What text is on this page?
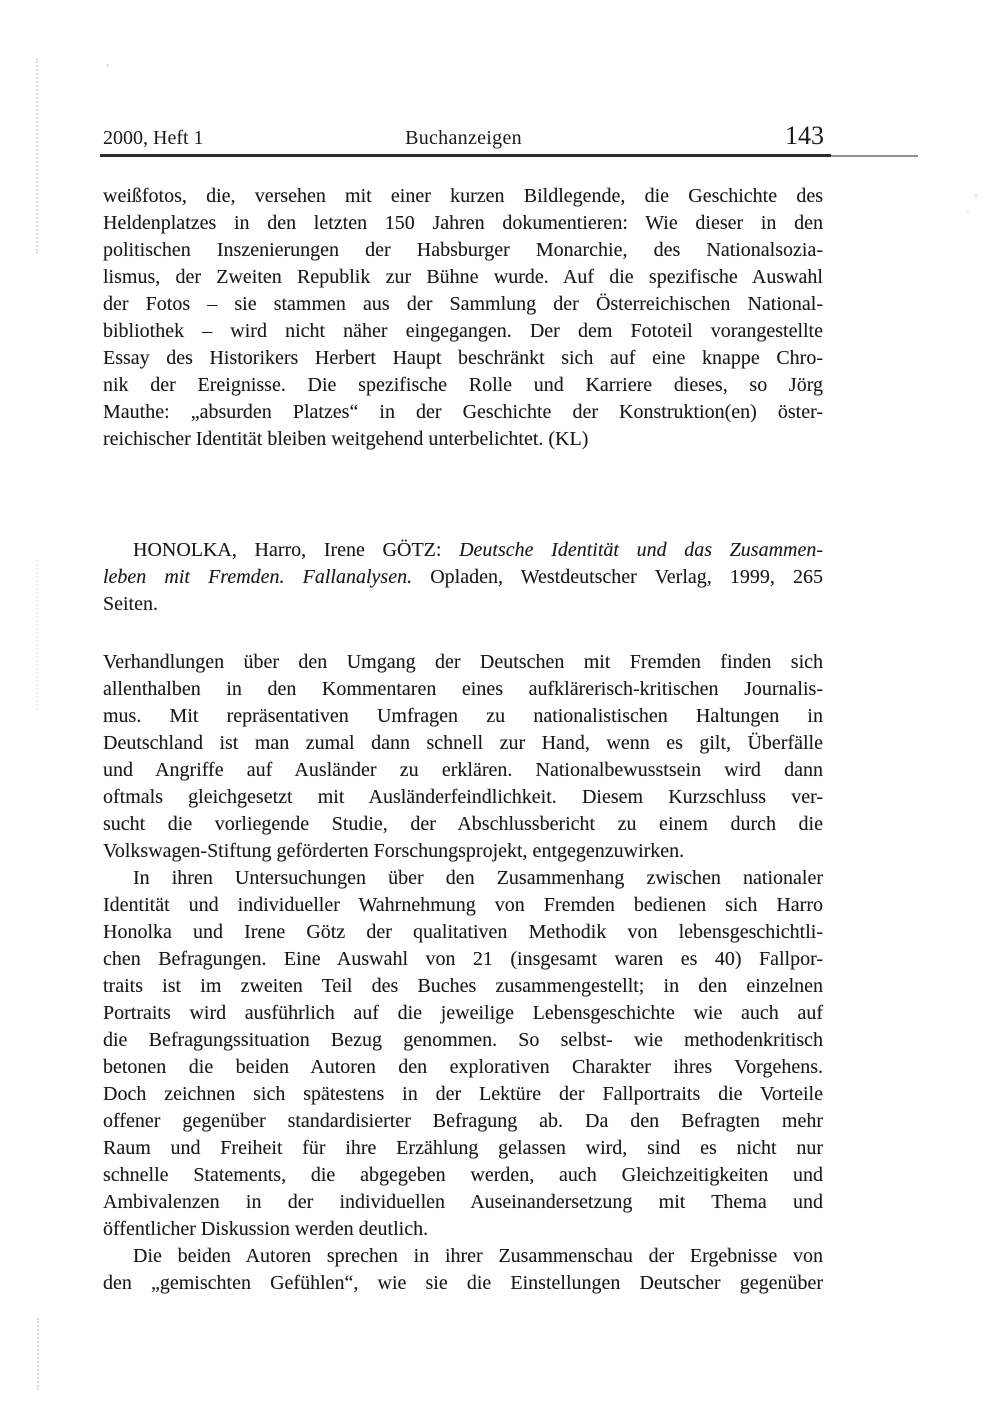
2000, Heft 1	Buchanzeigen	143
weißfotos, die, versehen mit einer kurzen Bildlegende, die Geschichte des
Heldenplatzes in den letzten 150 Jahren dokumentieren: Wie dieser in den
politischen Inszenierungen der Habsburger Monarchie, des Nationalsozia-
lismus, der Zweiten Republik zur Bühne wurde. Auf die spezifische Auswahl
der Fotos – sie stammen aus der Sammlung der Österreichischen National-
bibliothek – wird nicht näher eingegangen. Der dem Fototeil vorangestellte
Essay des Historikers Herbert Haupt beschränkt sich auf eine knappe Chro-
nik der Ereignisse. Die spezifische Rolle und Karriere dieses, so Jörg
Mauthe: „absurden Platzes“ in der Geschichte der Konstruktion(en) öster-
reichischer Identität bleiben weitgehend unterbelichtet. (KL)
HONOLKA, Harro, Irene GÖTZ: Deutsche Identität und das Zusammen-
leben mit Fremden. Fallanalysen. Opladen, Westdeutscher Verlag, 1999, 265
Seiten.
Verhandlungen über den Umgang der Deutschen mit Fremden finden sich
allenthalben in den Kommentaren eines aufklärerisch-kritischen Journalis-
mus. Mit repräsentativen Umfragen zu nationalistischen Haltungen in
Deutschland ist man zumal dann schnell zur Hand, wenn es gilt, Überfälle
und Angriffe auf Ausländer zu erklären. Nationalbewusstsein wird dann
oftmals gleichgesetzt mit Ausländerfeindlichkeit. Diesem Kurzschluss ver-
sucht die vorliegende Studie, der Abschlussbericht zu einem durch die
Volkswagen-Stiftung geförderten Forschungsprojekt, entgegenzuwirken.
In ihren Untersuchungen über den Zusammenhang zwischen nationaler
Identität und individueller Wahrnehmung von Fremden bedienen sich Harro
Honolka und Irene Götz der qualitativen Methodik von lebensgeschichtli-
chen Befragungen. Eine Auswahl von 21 (insgesamt waren es 40) Fallpor-
traits ist im zweiten Teil des Buches zusammengestellt; in den einzelnen
Portraits wird ausführlich auf die jeweilige Lebensgeschichte wie auch auf
die Befragungssituation Bezug genommen. So selbst- wie methodenkritisch
betonen die beiden Autoren den explorativen Charakter ihres Vorgehens.
Doch zeichnen sich spätestens in der Lektüre der Fallportraits die Vorteile
offener gegenüber standardisierter Befragung ab. Da den Befragten mehr
Raum und Freiheit für ihre Erzählung gelassen wird, sind es nicht nur
schnelle Statements, die abgegeben werden, auch Gleichzeitigkeiten und
Ambivalenzen in der individuellen Auseinandersetzung mit Thema und
öffentlicher Diskussion werden deutlich.
Die beiden Autoren sprechen in ihrer Zusammenschau der Ergebnisse von
den „gemischten Gefühlen“, wie sie die Einstellungen Deutscher gegenüber
